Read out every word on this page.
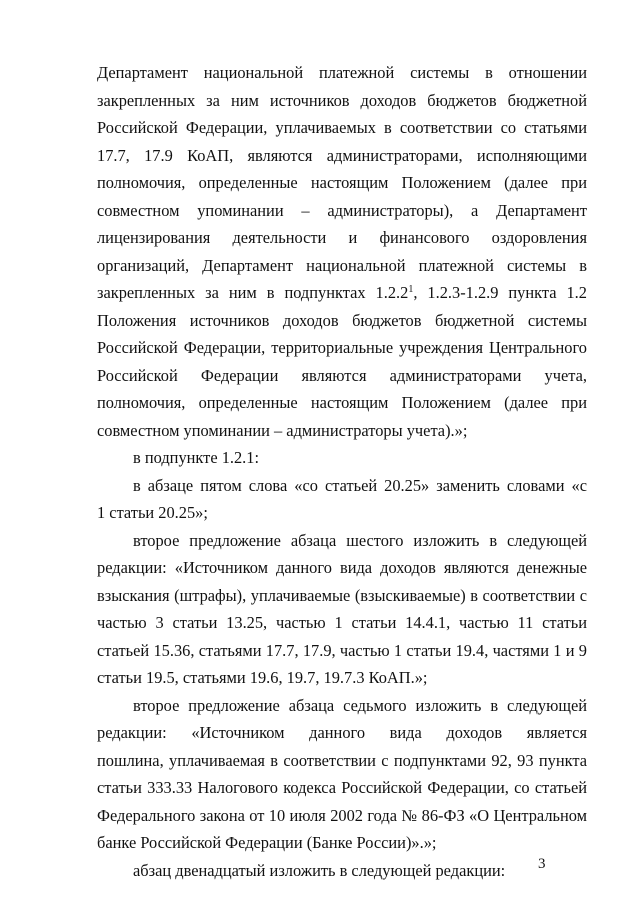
Департамент национальной платежной системы в отношении
закрепленных за ним источников доходов бюджетов бюджетной
Российской Федерации, уплачиваемых в соответствии со статьями
17.7, 17.9 КоАП, являются администраторами, исполняющими
полномочия, определенные настоящим Положением (далее при
совместном упоминании – администраторы), а Департамент
лицензирования деятельности и финансового оздоровления
организаций, Департамент национальной платежной системы в
закрепленных за ним в подпунктах 1.2.2$^1$, 1.2.3-1.2.9 пункта 1.2
Положения источников доходов бюджетов бюджетной системы
Российской Федерации, территориальные учреждения Центрального
Российской Федерации являются администраторами учета,
полномочия, определенные настоящим Положением (далее при
совместном упоминании – администраторы учета).»;
в подпункте 1.2.1:
в абзаце пятом слова «со статьей 20.25» заменить словами «с
1 статьи 20.25»;
второе предложение абзаца шестого изложить в следующей
редакции: «Источником данного вида доходов являются денежные
взыскания (штрафы), уплачиваемые (взыскиваемые) в соответствии с
частью 3 статьи 13.25, частью 1 статьи 14.4.1, частью 11 статьи
статьей 15.36, статьями 17.7, 17.9, частью 1 статьи 19.4, частями 1 и 9
статьи 19.5, статьями 19.6, 19.7, 19.7.3 КоАП.»;
второе предложение абзаца седьмого изложить в следующей
редакции: «Источником данного вида доходов является
пошлина, уплачиваемая в соответствии с подпунктами 92, 93 пункта
статьи 333.33 Налогового кодекса Российской Федерации, со статьей
Федерального закона от 10 июля 2002 года № 86-ФЗ «О Центральном
банке Российской Федерации (Банке России)».»;
абзац двенадцатый изложить в следующей редакции:	3
